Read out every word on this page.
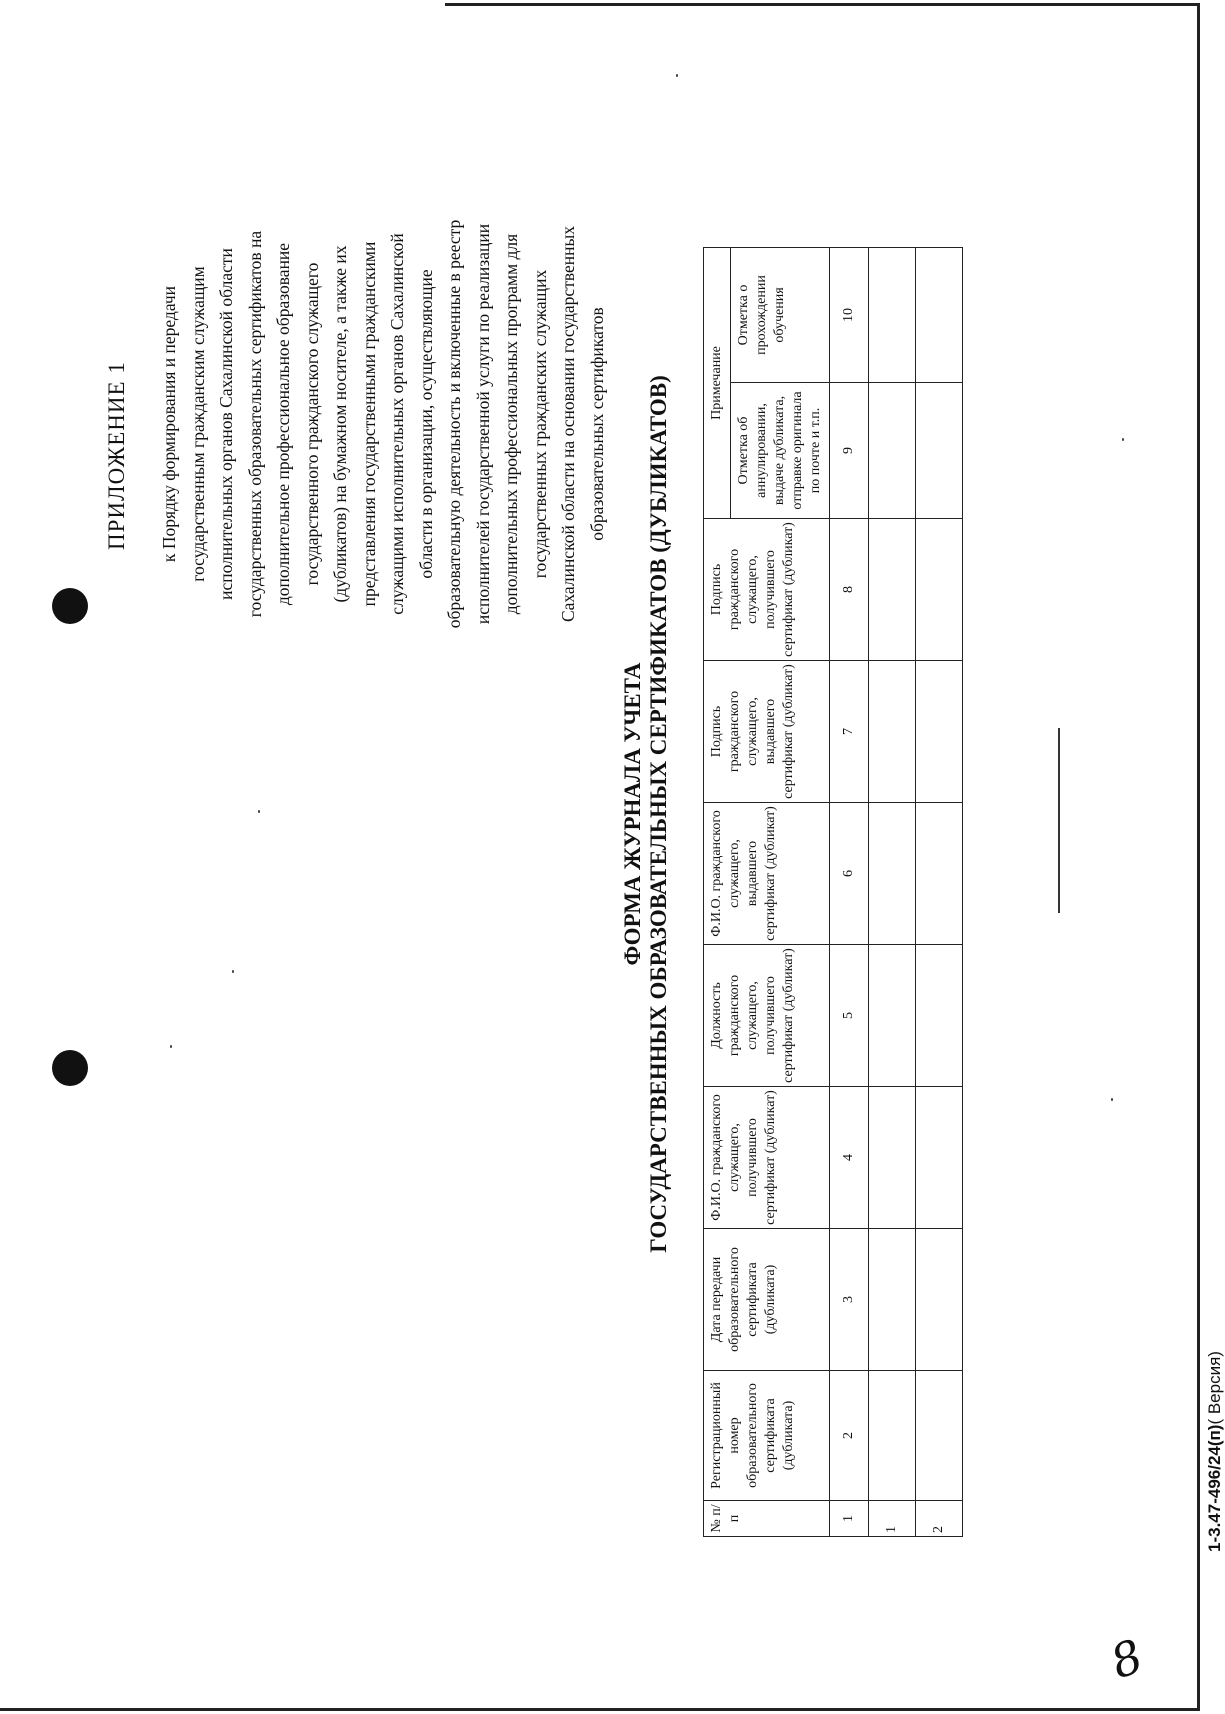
8
ПРИЛОЖЕНИЕ 1 к Порядку формирования и передачи государственным гражданским служащим исполнительных органов Сахалинской области государственных образовательных сертификатов на дополнительное профессиональное образование государственного гражданского служащего (дубликатов) на бумажном носителе, а также их представления государственными гражданскими служащими исполнительных органов Сахалинской области в организации, осуществляющие образовательную деятельность и включенные в реестр исполнителей государственной услуги по реализации дополнительных профессиональных программ для государственных гражданских служащих Сахалинской области на основании государственных образовательных сертификатов
ФОРМА ЖУРНАЛА УЧЕТА ГОСУДАРСТВЕННЫХ ОБРАЗОВАТЕЛЬНЫХ СЕРТИФИКАТОВ (ДУБЛИКАТОВ)
№ п/п	Регистрационный номер образовательного сертификата (дубликата)	Дата передачи образовательного сертификата (дубликата)	Ф.И.О. гражданского служащего, получившего сертификат (дубликат)	Должность гражданского служащего, получившего сертификат (дубликат)	Ф.И.О. гражданского служащего, выдавшего сертификат (дубликат)	Подпись гражданского служащего, выдавшего сертификат (дубликат)	Подпись гражданского служащего, получившего сертификат (дубликат)	Примечание	
								Отметка об аннулировании, выдаче дубликата, отправке оригинала по почте и т.п.	Отметка о прохождении обучения
1	2	3	4	5	6	7	8	9	10
1									
2										1-3.47-496/24(п)( Версия)
